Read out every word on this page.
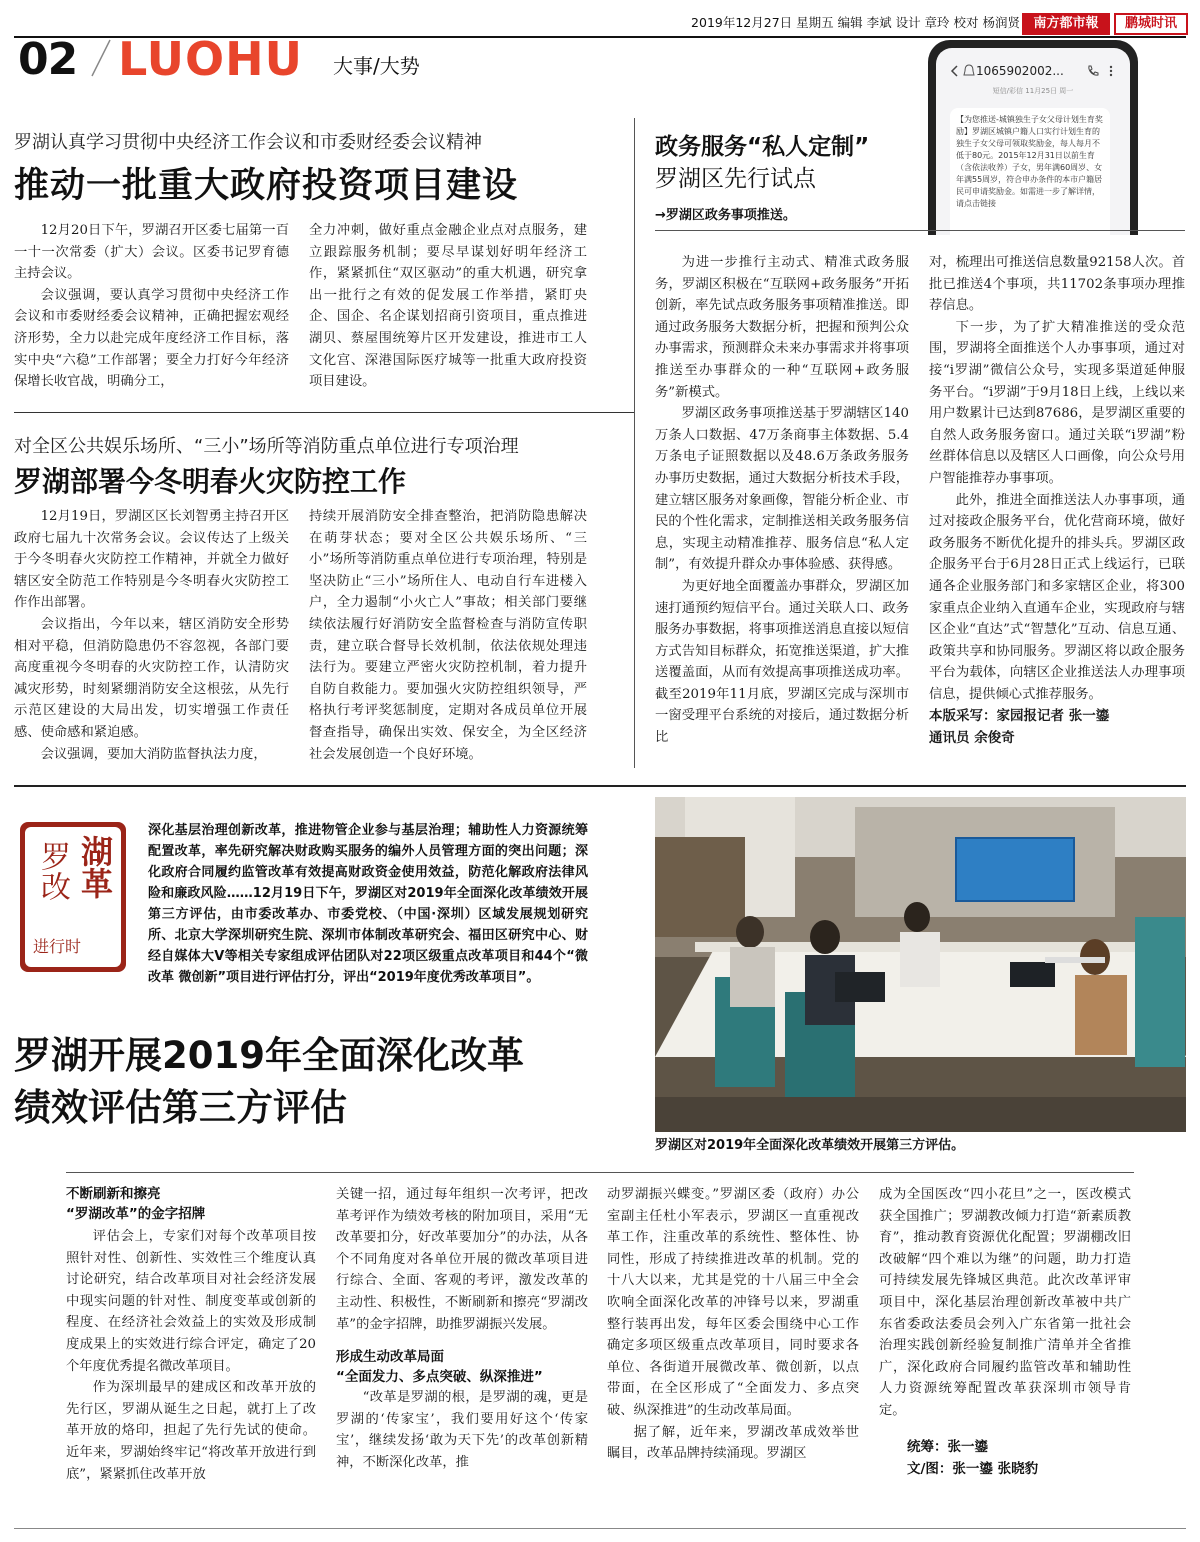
2019年12月27日 星期五 编辑 李斌 设计 章玲 校对 杨润贤	南方都市報	鹏城时讯
02 LUOHU 大事/大势
罗湖认真学习贯彻中央经济工作会议和市委财经委会议精神
推动一批重大政府投资项目建设

12月20日下午，罗湖召开区委七届第一百一十一次常委（扩大）会议。区委书记罗育德主持会议。

会议强调，要认真学习贯彻中央经济工作会议和市委财经委会议精神，正确把握宏观经济形势，全力以赴完成年度经济工作目标，落实中央“六稳”工作部署；要全力打好今年经济保增长收官战，明确分工，

全力冲刺，做好重点金融企业点对点服务，建立跟踪服务机制；要尽早谋划好明年经济工作，紧紧抓住“双区驱动”的重大机遇，研究拿出一批行之有效的促发展工作举措，紧盯央企、国企、名企谋划招商引资项目，重点推进湖贝、蔡屋围统筹片区开发建设，推进市工人文化宫、深港国际医疗城等一批重大政府投资项目建设。

对全区公共娱乐场所、“三小”场所等消防重点单位进行专项治理
罗湖部署今冬明春火灾防控工作

12月19日，罗湖区区长刘智勇主持召开区政府七届九十次常务会议。会议传达了上级关于今冬明春火灾防控工作精神，并就全力做好辖区安全防范工作特别是今冬明春火灾防控工作作出部署。

会议指出，今年以来，辖区消防安全形势相对平稳，但消防隐患仍不容忽视，各部门要高度重视今冬明春的火灾防控工作，认清防灾减灾形势，时刻紧绷消防安全这根弦，从先行示范区建设的大局出发，切实增强工作责任感、使命感和紧迫感。

会议强调，要加大消防监督执法力度，

持续开展消防安全排查整治，把消防隐患解决在萌芽状态；要对全区公共娱乐场所、“三小”场所等消防重点单位进行专项治理，特别是坚决防止“三小”场所住人、电动自行车进楼入户，全力遏制“小火亡人”事故；相关部门要继续依法履行好消防安全监督检查与消防宣传职责，建立联合督导长效机制，依法依规处理违法行为。要建立严密火灾防控机制，着力提升自防自救能力。要加强火灾防控组织领导，严格执行考评奖惩制度，定期对各成员单位开展督查指导，确保出实效、保安全，为全区经济社会发展创造一个良好环境。

政务服务“私人定制”
罗湖区先行试点
→罗湖区政务事项推送。
1065902002...
短信/彩信 11月25日 周一
【为您推送-城镇独生子女父母计划生育奖励】罗湖区城镇户籍人口实行计划生育的独生子女父母可领取奖励金，每人每月不低于80元。2015年12月31日以前生育（含依法收养）子女，男年满60周岁、女年满55周岁，符合申办条件的本市户籍居民可申请奖励金。如需进一步了解详情，请点击链接

为进一步推行主动式、精准式政务服务，罗湖区积极在“互联网+政务服务”开拓创新，率先试点政务服务事项精准推送。即通过政务服务大数据分析，把握和预判公众办事需求，预测群众未来办事需求并将事项推送至办事群众的一种“互联网+政务服务”新模式。

罗湖区政务事项推送基于罗湖辖区140万条人口数据、47万条商事主体数据、5.4万条电子证照数据以及48.6万条政务服务办事历史数据，通过大数据分析技术手段，建立辖区服务对象画像，智能分析企业、市民的个性化需求，定制推送相关政务服务信息，实现主动精准推荐、服务信息“私人定制”，有效提升群众办事体验感、获得感。

为更好地全面覆盖办事群众，罗湖区加速打通预约短信平台。通过关联人口、政务服务办事数据，将事项推送消息直接以短信方式告知目标群众，拓宽推送渠道，扩大推送覆盖面，从而有效提高事项推送成功率。截至2019年11月底，罗湖区完成与深圳市一窗受理平台系统的对接后，通过数据分析比

对，梳理出可推送信息数量92158人次。首批已推送4个事项，共11702条事项办理推荐信息。

下一步，为了扩大精准推送的受众范围，罗湖将全面推送个人办事事项，通过对接“i罗湖”微信公众号，实现多渠道延伸服务平台。“i罗湖”于9月18日上线，上线以来用户数累计已达到87686，是罗湖区重要的自然人政务服务窗口。通过关联“i罗湖”粉丝群体信息以及辖区人口画像，向公众号用户智能推荐办事事项。

此外，推进全面推送法人办事事项，通过对接政企服务平台，优化营商环境，做好政务服务不断优化提升的排头兵。罗湖区政企服务平台于6月28日正式上线运行，已联通各企业服务部门和多家辖区企业，将300家重点企业纳入直通车企业，实现政府与辖区企业“直达”式“智慧化”互动、信息互通、政策共享和协同服务。罗湖区将以政企服务平台为载体，向辖区企业推送法人办理事项信息，提供倾心式推荐服务。

本版采写：家园报记者 张一鎏
通讯员 余俊奇
湖革
罗改
进行时
深化基层治理创新改革，推进物管企业参与基层治理；辅助性人力资源统筹配置改革，率先研究解决财政购买服务的编外人员管理方面的突出问题；深化政府合同履约监管改革有效提高财政资金使用效益，防范化解政府法律风险和廉政风险……12月19日下午，罗湖区对2019年全面深化改革绩效开展第三方评估，由市委改革办、市委党校、（中国·深圳）区域发展规划研究所、北京大学深圳研究生院、深圳市体制改革研究会、福田区研究中心、财经自媒体大V等相关专家组成评估团队对22项区级重点改革项目和44个“微改革 微创新”项目进行评估打分，评出“2019年度优秀改革项目”。
罗湖开展2019年全面深化改革
绩效评估第三方评估
罗湖区对2019年全面深化改革绩效开展第三方评估。
不断刷新和擦亮
“罗湖改革”的金字招牌

评估会上，专家们对每个改革项目按照针对性、创新性、实效性三个维度认真讨论研究，结合改革项目对社会经济发展中现实问题的针对性、制度变革或创新的程度、在经济社会效益上的实效及形成制度成果上的实效进行综合评定，确定了20个年度优秀提名微改革项目。

作为深圳最早的建成区和改革开放的先行区，罗湖从诞生之日起，就打上了改革开放的烙印，担起了先行先试的使命。近年来，罗湖始终牢记“将改革开放进行到底”，紧紧抓住改革开放

关键一招，通过每年组织一次考评，把改革考评作为绩效考核的附加项目，采用“无改革要扣分，好改革要加分”的办法，从各个不同角度对各单位开展的微改革项目进行综合、全面、客观的考评，激发改革的主动性、积极性，不断刷新和擦亮“罗湖改革”的金字招牌，助推罗湖振兴发展。
形成生动改革局面
“全面发力、多点突破、纵深推进”

“改革是罗湖的根，是罗湖的魂，更是罗湖的‘传家宝’，我们要用好这个‘传家宝’，继续发扬‘敢为天下先’的改革创新精神，不断深化改革，推

动罗湖振兴蝶变。”罗湖区委（政府）办公室副主任杜小军表示，罗湖区一直重视改革工作，注重改革的系统性、整体性、协同性，形成了持续推进改革的机制。党的十八大以来，尤其是党的十八届三中全会吹响全面深化改革的冲锋号以来，罗湖重整行装再出发，每年区委会围绕中心工作确定多项区级重点改革项目，同时要求各单位、各街道开展微改革、微创新，以点带面，在全区形成了“全面发力、多点突破、纵深推进”的生动改革局面。

据了解，近年来，罗湖改革成效举世瞩目，改革品牌持续涌现。罗湖区

成为全国医改“四小花旦”之一，医改模式获全国推广；罗湖教改倾力打造“新素质教育”，推动教育资源优化配置；罗湖棚改旧改破解“四个难以为继”的问题，助力打造可持续发展先锋城区典范。此次改革评审项目中，深化基层治理创新改革被中共广东省委政法委员会列入广东省第一批社会治理实践创新经验复制推广清单并全省推广，深化政府合同履约监管改革和辅助性人力资源统筹配置改革获深圳市领导肯定。
统筹：张一鎏
文/图：张一鎏 张晓豹
